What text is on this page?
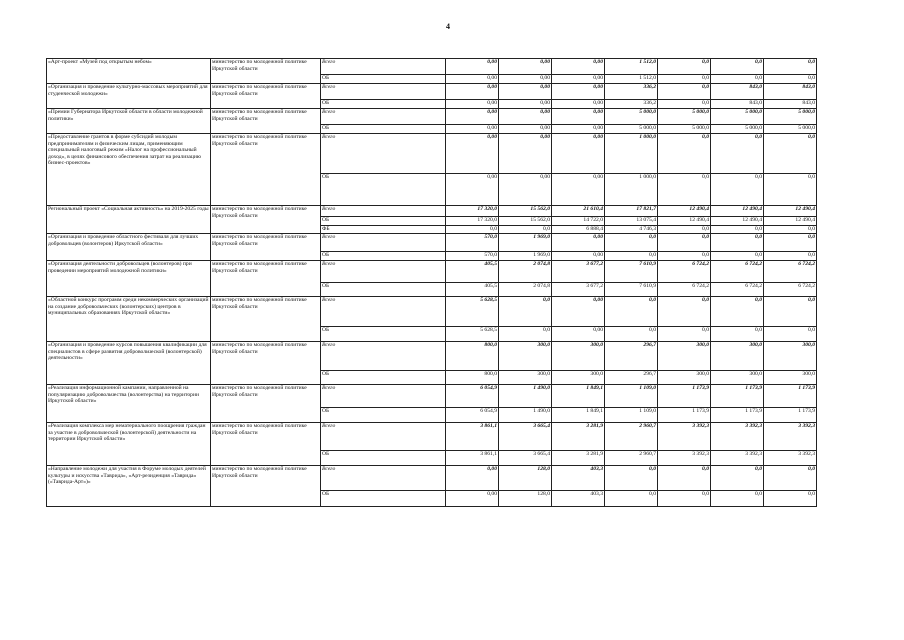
4
«Арт-проект «Музей под открытым небом»	министерство по молодежной политике Иркутской области	Всего	0,00	0,00	0,00	1 512,0	0,0	0,0	0,0
		ОБ	0,00	0,00	0,00	1 512,0	0,0	0,0	0,0
«Организация и проведение культурно-массовых мероприятий для студенческой молодежи»	министерство по молодежной политике Иркутской области	Всего	0,00	0,00	0,00	336,2	0,0	843,0	843,0
		ОБ	0,00	0,00	0,00	336,2	0,0	843,0	843,0
«Премии Губернатора Иркутской области в области молодежной политики»	министерство по молодежной политике Иркутской области	Всего	0,00	0,00	0,00	5 000,0	5 000,0	5 000,0	5 000,0
		ОБ	0,00	0,00	0,00	5 000,0	5 000,0	5 000,0	5 000,0
«Предоставление грантов в форме субсидий молодым предпринимателям и физическим лицам, применяющим специальный налоговый режим «Налог на профессиональный доход», в целях финансового обеспечения затрат на реализацию бизнес-проектов»	министерство по молодежной политике Иркутской области	Всего	0,00	0,00	0,00	1 000,0	0,0	0,0	0,0
		ОБ	0,00	0,00	0,00	1 000,0	0,0	0,0	0,0
Региональный проект «Социальная активность» на 2019-2025 годы	министерство по молодежной политике Иркутской области	Всего	17 320,0	15 562,0	21 610,4	17 821,7	12 490,4	12 490,4	12 490,4
		ОБ	17 320,0	15 562,0	14 722,0	13 075,4	12 490,4	12 490,4	12 490,4
		ФБ	0,0	0,0	6 888,4	4 746,3	0,0	0,0	0,0
«Организация и проведение областного фестиваля для лучших добровольцев (волонтеров) Иркутской области»	министерство по молодежной политике Иркутской области	Всего	570,0	1 969,0	0,00	0,0	0,0	0,0	0,0
		ОБ	570,0	1 969,0	0,00	0,0	0,0	0,0	0,0
«Организация деятельности добровольцев (волонтеров) при проведении мероприятий молодежной политики»	министерство по молодежной политике Иркутской области	Всего	405,5	2 074,8	3 677,2	7 610,9	6 724,2	6 724,2	6 724,2
		ОБ	405,5	2 074,8	3 677,2	7 610,9	6 724,2	6 724,2	6 724,2
«Областной конкурс программ среди некоммерческих организаций на создание добровольческих (волонтерских) центров в муниципальных образованиях Иркутской области»	министерство по молодежной политике Иркутской области	Всего	5 628,5	0,0	0,00	0,0	0,0	0,0	0,0
		ОБ	5 628,5	0,0	0,00	0,0	0,0	0,0	0,0
«Организация и проведение курсов повышения квалификации для специалистов в сфере развития добровольческой (волонтерской) деятельности»	министерство по молодежной политике Иркутской области	Всего	800,0	300,0	300,0	296,7	300,0	300,0	300,0
		ОБ	800,0	300,0	300,0	296,7	300,0	300,0	300,0
«Реализация информационной кампании, направленной на популяризацию добровольчества (волонтерства) на территории Иркутской области»	министерство по молодежной политике Иркутской области	Всего	6 054,9	1 490,0	1 849,1	1 109,0	1 173,9	1 173,9	1 173,9
		ОБ	6 054,9	1 490,0	1 849,1	1 109,0	1 173,9	1 173,9	1 173,9
«Реализация комплекса мер нематериального поощрения граждан за участие в добровольческой (волонтерской) деятельности на территории Иркутской области»	министерство по молодежной политике Иркутской области	Всего	3 861,1	3 665,4	3 281,9	2 960,7	3 392,3	3 392,3	3 392,3
		ОБ	3 861,1	3 665,4	3 281,9	2 960,7	3 392,3	3 392,3	3 392,3
«Направление молодежи для участия в Форуме молодых деятелей культуры и искусства «Таврида», «Арт-резиденция «Таврида» («Таврида-Арт»)»	министерство по молодежной политике Иркутской области	Всего	0,00	128,0	403,3	0,0	0,0	0,0	0,0
		ОБ	0,00	128,0	403,3	0,0	0,0	0,0	0,0
